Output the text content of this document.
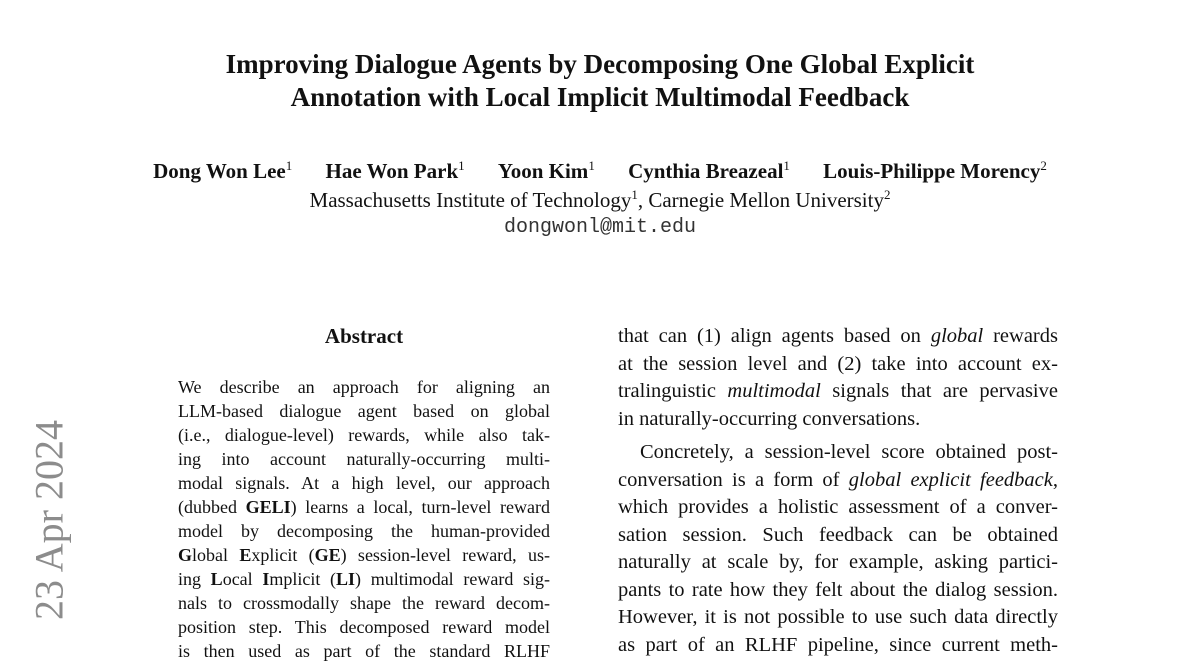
Improving Dialogue Agents by Decomposing One Global Explicit
Annotation with Local Implicit Multimodal Feedback
Dong Won Lee$^1$ Hae Won Park$^1$ Yoon Kim$^1$ Cynthia Breazeal$^1$ Louis-Philippe Morency$^2$
Massachusetts Institute of Technology$^1$, Carnegie Mellon University$^2$
dongwonl@mit.edu
23 Apr 2024
Abstract
We describe an approach for aligning an
LLM-based dialogue agent based on global
(i.e., dialogue-level) rewards, while also tak-
ing into account naturally-occurring multi-
modal signals. At a high level, our approach
(dubbed GELI) learns a local, turn-level reward
model by decomposing the human-provided
Global Explicit (GE) session-level reward, us-
ing Local Implicit (LI) multimodal reward sig-
nals to crossmodally shape the reward decom-
position step. This decomposed reward model
is then used as part of the standard RLHF
that can (1) align agents based on global rewards
at the session level and (2) take into account ex-
tralinguistic multimodal signals that are pervasive
in naturally-occurring conversations.
Concretely, a session-level score obtained post-
conversation is a form of global explicit feedback,
which provides a holistic assessment of a conver-
sation session. Such feedback can be obtained
naturally at scale by, for example, asking partici-
pants to rate how they felt about the dialog session.
However, it is not possible to use such data directly
as part of an RLHF pipeline, since current meth-
